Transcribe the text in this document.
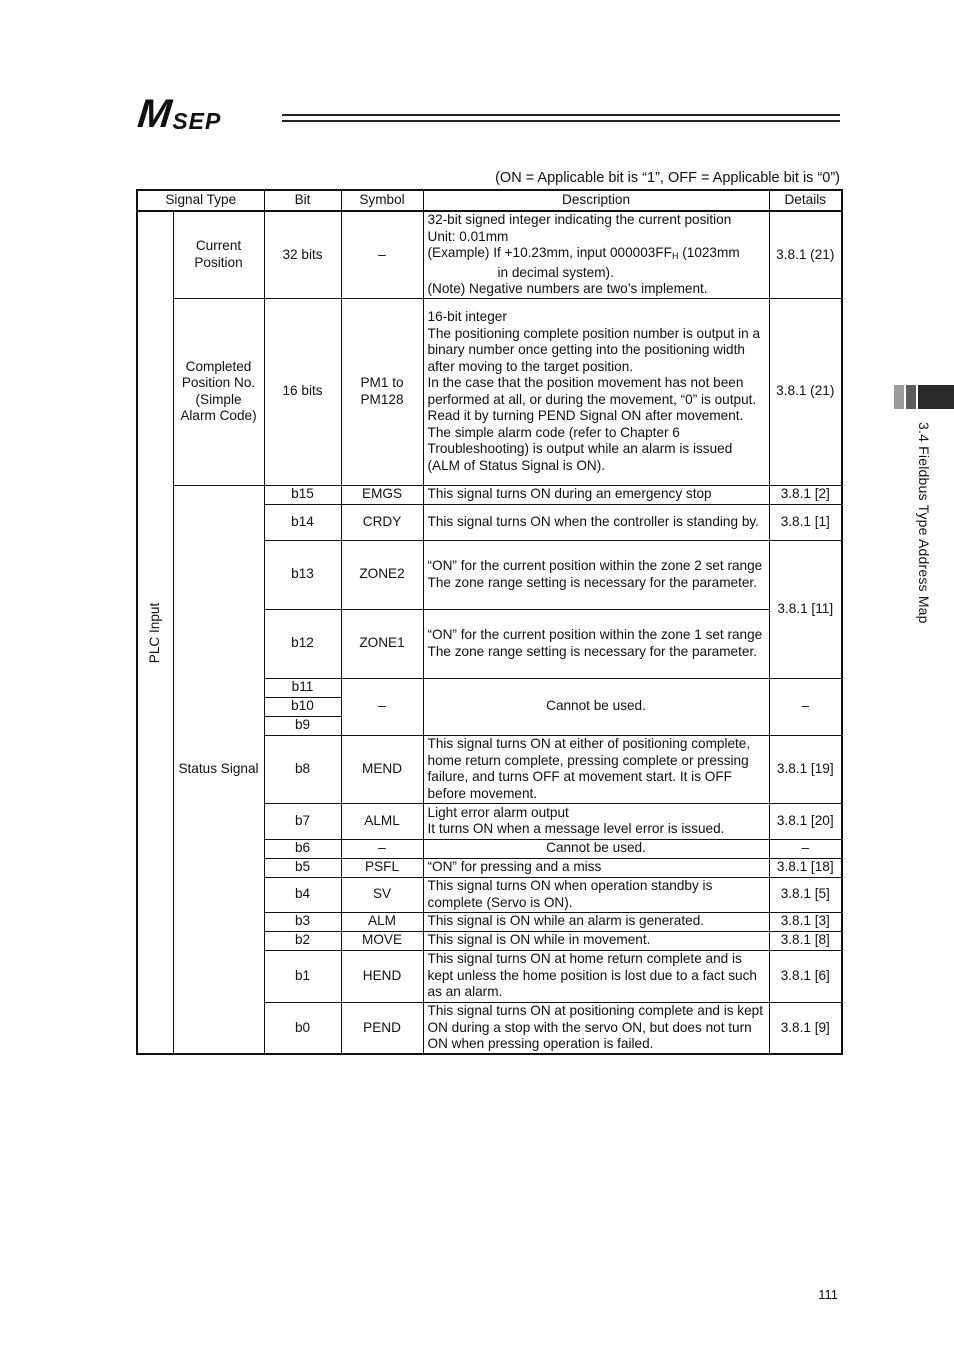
M SEP
(ON = Applicable bit is “1”, OFF = Applicable bit is “0”)
Signal Type		Bit	Symbol	Description	Details

PLC Input	Current Position	32 bits	–	32-bit signed integer indicating the current position
Unit: 0.01mm
(Example) If +10.23mm, input $000003FF_H$ (1023mm
in decimal system).
(Note) Negative numbers are two’s implement.	3.8.1 (21)
	Completed Position No. (Simple Alarm Code)	16 bits	PM1 to PM128	16-bit integer
The positioning complete position number is output in a binary number once getting into the positioning width after moving to the target position.
In the case that the position movement has not been performed at all, or during the movement, “0” is output. Read it by turning PEND Signal ON after movement.
The simple alarm code (refer to Chapter 6 Troubleshooting) is output while an alarm is issued (ALM of Status Signal is ON).	3.8.1 (21)
	Status Signal	b15	EMGS	This signal turns ON during an emergency stop	3.8.1 [2]
		b14	CRDY	This signal turns ON when the controller is standing by.	3.8.1 [1]
		b13	ZONE2	“ON” for the current position within the zone 2 set range
The zone range setting is necessary for the parameter.	3.8.1 [11]
		b12	ZONE1	“ON” for the current position within the zone 1 set range
The zone range setting is necessary for the parameter.	

		b11	–	Cannot be used.	–
		b10			
		b9			
		b8	MEND	This signal turns ON at either of positioning complete, home return complete, pressing complete or pressing failure, and turns OFF at movement start. It is OFF before movement.	3.8.1 [19]
		b7	ALML	Light error alarm output
It turns ON when a message level error is issued.	3.8.1 [20]
		b6	–	Cannot be used.	–
		b5	PSFL	“ON” for pressing and a miss	3.8.1 [18]
		b4	SV	This signal turns ON when operation standby is complete (Servo is ON).	3.8.1 [5]
		b3	ALM	This signal is ON while an alarm is generated.	3.8.1 [3]
		b2	MOVE	This signal is ON while in movement.	3.8.1 [8]
		b1	HEND	This signal turns ON at home return complete and is kept unless the home position is lost due to a fact such as an alarm.	3.8.1 [6]
		b0	PEND	This signal turns ON at positioning complete and is kept ON during a stop with the servo ON, but does not turn ON when pressing operation is failed.	3.8.1 [9]
3.4 Fieldbus Type Address Map
111
